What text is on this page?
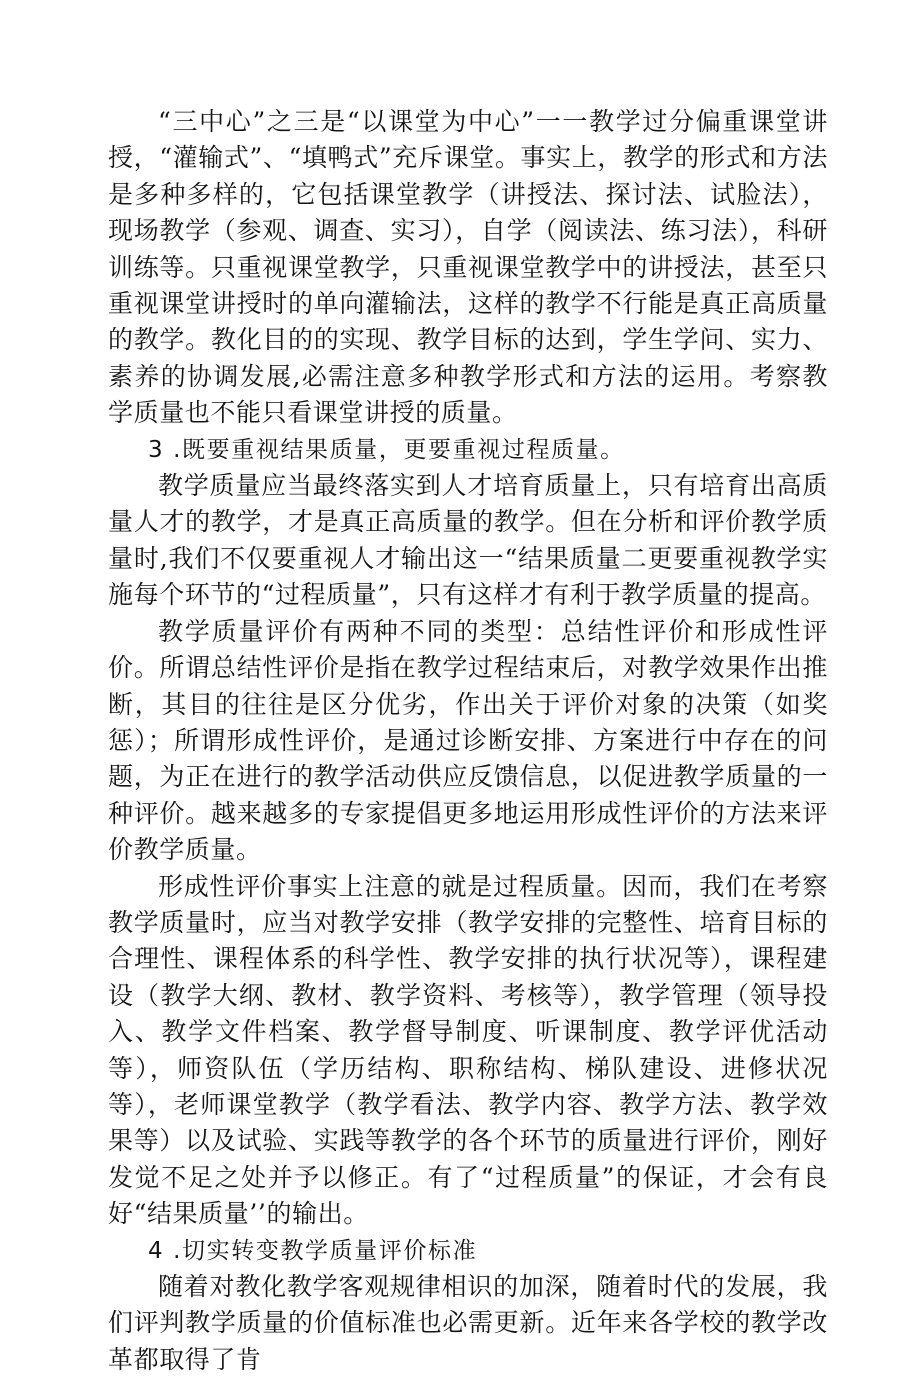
“三中心”之三是“以课堂为中心”一一教学过分偏重课堂讲授，“灌输式”、“填鸭式”充斥课堂。事实上，教学的形式和方法是多种多样的，它包括课堂教学（讲授法、探讨法、试脸法），现场教学（参观、调查、实习），自学（阅读法、练习法），科研训练等。只重视课堂教学，只重视课堂教学中的讲授法，甚至只重视课堂讲授时的单向灌输法，这样的教学不行能是真正高质量的教学。教化目的的实现、教学目标的达到，学生学问、实力、素养的协调发展,必需注意多种教学形式和方法的运用。考察教学质量也不能只看课堂讲授的质量。

3 .既要重视结果质量，更要重视过程质量。

教学质量应当最终落实到人才培育质量上，只有培育出高质量人才的教学，才是真正高质量的教学。但在分析和评价教学质量时,我们不仅要重视人才输出这一“结果质量二更要重视教学实施每个环节的“过程质量”，只有这样才有利于教学质量的提高。

教学质量评价有两种不同的类型：总结性评价和形成性评价。所谓总结性评价是指在教学过程结束后，对教学效果作出推断，其目的往往是区分优劣，作出关于评价对象的决策（如奖惩）；所谓形成性评价，是通过诊断安排、方案进行中存在的问题，为正在进行的教学活动供应反馈信息，以促进教学质量的一种评价。越来越多的专家提倡更多地运用形成性评价的方法来评价教学质量。

形成性评价事实上注意的就是过程质量。因而，我们在考察教学质量时，应当对教学安排（教学安排的完整性、培育目标的合理性、课程体系的科学性、教学安排的执行状况等），课程建设（教学大纲、教材、教学资料、考核等），教学管理（领导投入、教学文件档案、教学督导制度、听课制度、教学评优活动等），师资队伍（学历结构、职称结构、梯队建设、进修状况等），老师课堂教学（教学看法、教学内容、教学方法、教学效果等）以及试验、实践等教学的各个环节的质量进行评价，刚好发觉不足之处并予以修正。有了“过程质量”的保证，才会有良好“结果质量’’的输出。

4 .切实转变教学质量评价标准

随着对教化教学客观规律相识的加深，随着时代的发展，我们评判教学质量的价值标准也必需更新。近年来各学校的教学改革都取得了肯
